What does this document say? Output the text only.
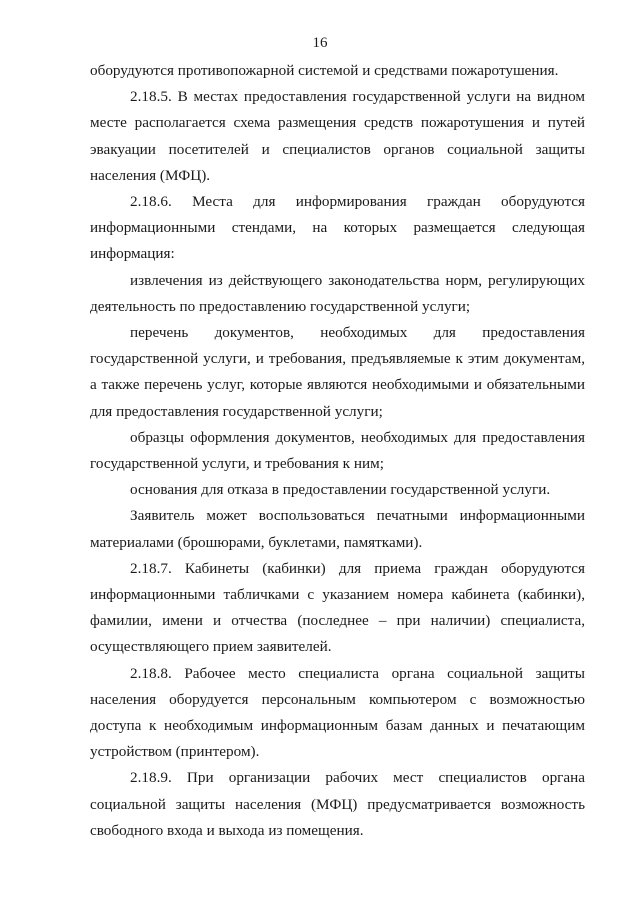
16

оборудуются противопожарной системой и средствами пожаротушения.

2.18.5. В местах предоставления государственной услуги на видном месте располагается схема размещения средств пожаротушения и путей эвакуации посетителей и специалистов органов социальной защиты населения (МФЦ).

2.18.6. Места для информирования граждан оборудуются информационными стендами, на которых размещается следующая информация:

извлечения из действующего законодательства норм, регулирующих деятельность по предоставлению государственной услуги;

перечень документов, необходимых для предоставления государственной услуги, и требования, предъявляемые к этим документам, а также перечень услуг, которые являются необходимыми и обязательными для предоставления государственной услуги;

образцы оформления документов, необходимых для предоставления государственной услуги, и требования к ним;

основания для отказа в предоставлении государственной услуги.

Заявитель может воспользоваться печатными информационными материалами (брошюрами, буклетами, памятками).

2.18.7. Кабинеты (кабинки) для приема граждан оборудуются информационными табличками с указанием номера кабинета (кабинки), фамилии, имени и отчества (последнее – при наличии) специалиста, осуществляющего прием заявителей.

2.18.8. Рабочее место специалиста органа социальной защиты населения оборудуется персональным компьютером с возможностью доступа к необходимым информационным базам данных и печатающим устройством (принтером).

2.18.9. При организации рабочих мест специалистов органа социальной защиты населения (МФЦ) предусматривается возможность свободного входа и выхода из помещения.
